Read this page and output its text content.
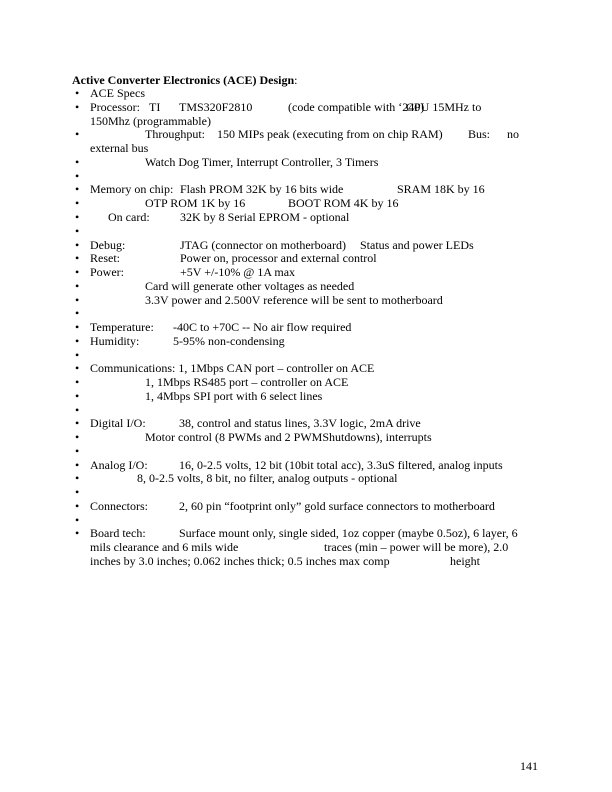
Active Converter Electronics (ACE) Design:
• ACE Specs
• Processor: TI TMS320F2810	(code compatible with ‘240)
CPU 15MHz to
150Mhz (programmable)
•	Throughput: 150 MIPs peak (executing from on chip RAM) Bus: no
external bus
•	Watch Dog Timer, Interrupt Controller, 3 Timers
•
• Memory on chip: Flash PROM 32K by 16 bits wide	SRAM 18K by 16
•	OTP ROM 1K by 16	BOOT ROM 4K by 16
• On card:	32K by 8 Serial EPROM - optional
•
• Debug:	JTAG (connector on motherboard) Status and power LEDs
• Reset:	Power on, processor and external control
• Power:	+5V +/-10% @ 1A max
•	Card will generate other voltages as needed
•	3.3V power and 2.500V reference will be sent to motherboard
•
• Temperature: -40C to +70C -- No air flow required
• Humidity:	5-95% non-condensing
•
• Communications: 1, 1Mbps CAN port – controller on ACE
•	1, 1Mbps RS485 port – controller on ACE
•	1, 4Mbps SPI port with 6 select lines
•
• Digital I/O:	38, control and status lines, 3.3V logic, 2mA drive
•	Motor control (8 PWMs and 2 PWMShutdowns), interrupts
•
• Analog I/O:	16, 0-2.5 volts, 12 bit (10bit total acc), 3.3uS filtered, analog inputs
•	8, 0-2.5 volts, 8 bit, no filter, analog outputs - optional
•
• Connectors:	2, 60 pin “footprint only” gold surface connectors to motherboard
•
• Board tech:	Surface mount only, single sided, 1oz copper (maybe 0.5oz), 6 layer, 6
mils clearance and 6 mils wide	traces (min – power will be more), 2.0
inches by 3.0 inches; 0.062 inches thick; 0.5 inches max comp	height
141
